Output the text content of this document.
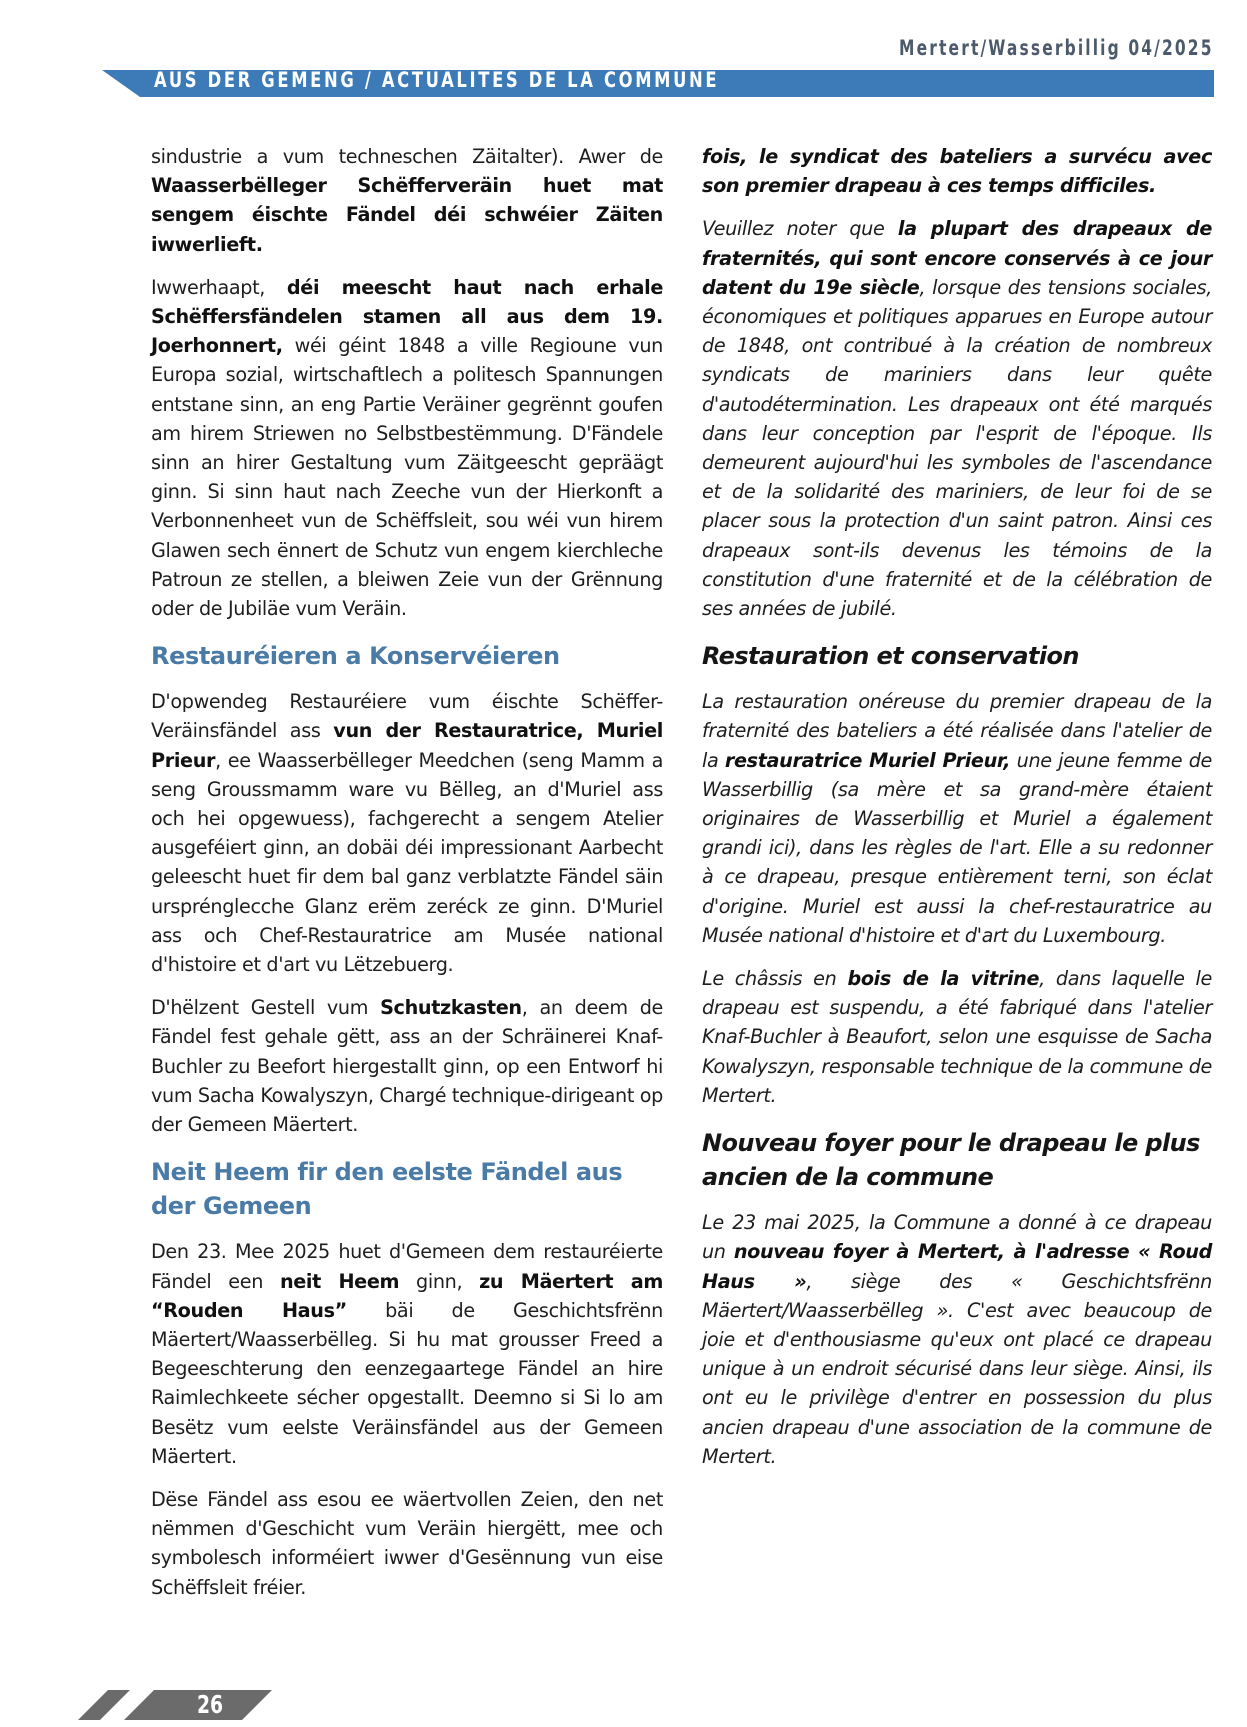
Mertert/Wasserbillig 04/2025
AUS DER GEMENG / ACTUALITES DE LA COMMUNE

sindustrie a vum techneschen Zäitalter). Awer de Waasserbëlleger Schëfferveräin huet mat sengem éischte Fändel déi schwéier Zäiten iwwerlieft.

Iwwerhaapt, déi meescht haut nach erhale Schëffersfändelen stamen all aus dem 19. Joerhonnert, wéi géint 1848 a ville Regioune vun Europa sozial, wirtschaftlech a politesch Spannungen entstane sinn, an eng Partie Veräiner gegrënnt goufen am hirem Striewen no Selbstbestëmmung. D'Fändele sinn an hirer Gestaltung vum Zäitgeescht gepräägt ginn. Si sinn haut nach Zeeche vun der Hierkonft a Verbonnenheet vun de Schëffsleit, sou wéi vun hirem Glawen sech ënnert de Schutz vun engem kierchleche Patroun ze stellen, a bleiwen Zeie vun der Grënnung oder de Jubiläe vum Veräin.

Restauréieren a Konservéieren

D'opwendeg Restauréiere vum éischte Schëffer-Veräinsfändel ass vun der Restauratrice, Muriel Prieur, ee Waasserbëlleger Meedchen (seng Mamm a seng Groussmamm ware vu Bëlleg, an d'Muriel ass och hei opgewuess), fachgerecht a sengem Atelier ausgeféiert ginn, an dobäi déi impressionant Aarbecht geleescht huet fir dem bal ganz verblatzte Fändel säin ursprénglecche Glanz erëm zeréck ze ginn. D'Muriel ass och Chef-Restauratrice am Musée national d'histoire et d'art vu Lëtzebuerg.

D'hëlzent Gestell vum Schutzkasten, an deem de Fändel fest gehale gëtt, ass an der Schräinerei Knaf-Buchler zu Beefort hiergestallt ginn, op een Entworf hi vum Sacha Kowalyszyn, Chargé technique-dirigeant op der Gemeen Mäertert.

Neit Heem fir den eelste Fändel aus der Gemeen

Den 23. Mee 2025 huet d'Gemeen dem restauréierte Fändel een neit Heem ginn, zu Mäertert am “Rouden Haus” bäi de Geschichtsfrënn Mäertert/Waasserbëlleg. Si hu mat grousser Freed a Begeeschterung den eenzegaartege Fändel an hire Raimlechkeete sécher opgestallt. Deemno si Si lo am Besëtz vum eelste Veräinsfändel aus der Gemeen Mäertert.

Dëse Fändel ass esou ee wäertvollen Zeien, den net nëmmen d'Geschicht vum Veräin hiergëtt, mee och symbolesch informéiert iwwer d'Gesënnung vun eise Schëffsleit fréier.

fois, le syndicat des bateliers a survécu avec son premier drapeau à ces temps difficiles.

Veuillez noter que la plupart des drapeaux de fraternités, qui sont encore conservés à ce jour datent du 19e siècle, lorsque des tensions sociales, économiques et politiques apparues en Europe autour de 1848, ont contribué à la création de nombreux syndicats de mariniers dans leur quête d'autodétermination. Les drapeaux ont été marqués dans leur conception par l'esprit de l'époque. Ils demeurent aujourd'hui les symboles de l'ascendance et de la solidarité des mariniers, de leur foi de se placer sous la protection d'un saint patron. Ainsi ces drapeaux sont-ils devenus les témoins de la constitution d'une fraternité et de la célébration de ses années de jubilé.

Restauration et conservation

La restauration onéreuse du premier drapeau de la fraternité des bateliers a été réalisée dans l'atelier de la restauratrice Muriel Prieur, une jeune femme de Wasserbillig (sa mère et sa grand-mère étaient originaires de Wasserbillig et Muriel a également grandi ici), dans les règles de l'art. Elle a su redonner à ce drapeau, presque entièrement terni, son éclat d'origine. Muriel est aussi la chef-restauratrice au Musée national d'histoire et d'art du Luxembourg.

Le châssis en bois de la vitrine, dans laquelle le drapeau est suspendu, a été fabriqué dans l'atelier Knaf-Buchler à Beaufort, selon une esquisse de Sacha Kowalyszyn, responsable technique de la commune de Mertert.

Nouveau foyer pour le drapeau le plus ancien de la commune

Le 23 mai 2025, la Commune a donné à ce drapeau un nouveau foyer à Mertert, à l'adresse « Roud Haus », siège des « Geschichtsfrënn Mäertert/Waasserbëlleg ». C'est avec beaucoup de joie et d'enthousiasme qu'eux ont placé ce drapeau unique à un endroit sécurisé dans leur siège. Ainsi, ils ont eu le privilège d'entrer en possession du plus ancien drapeau d'une association de la commune de Mertert.

26
